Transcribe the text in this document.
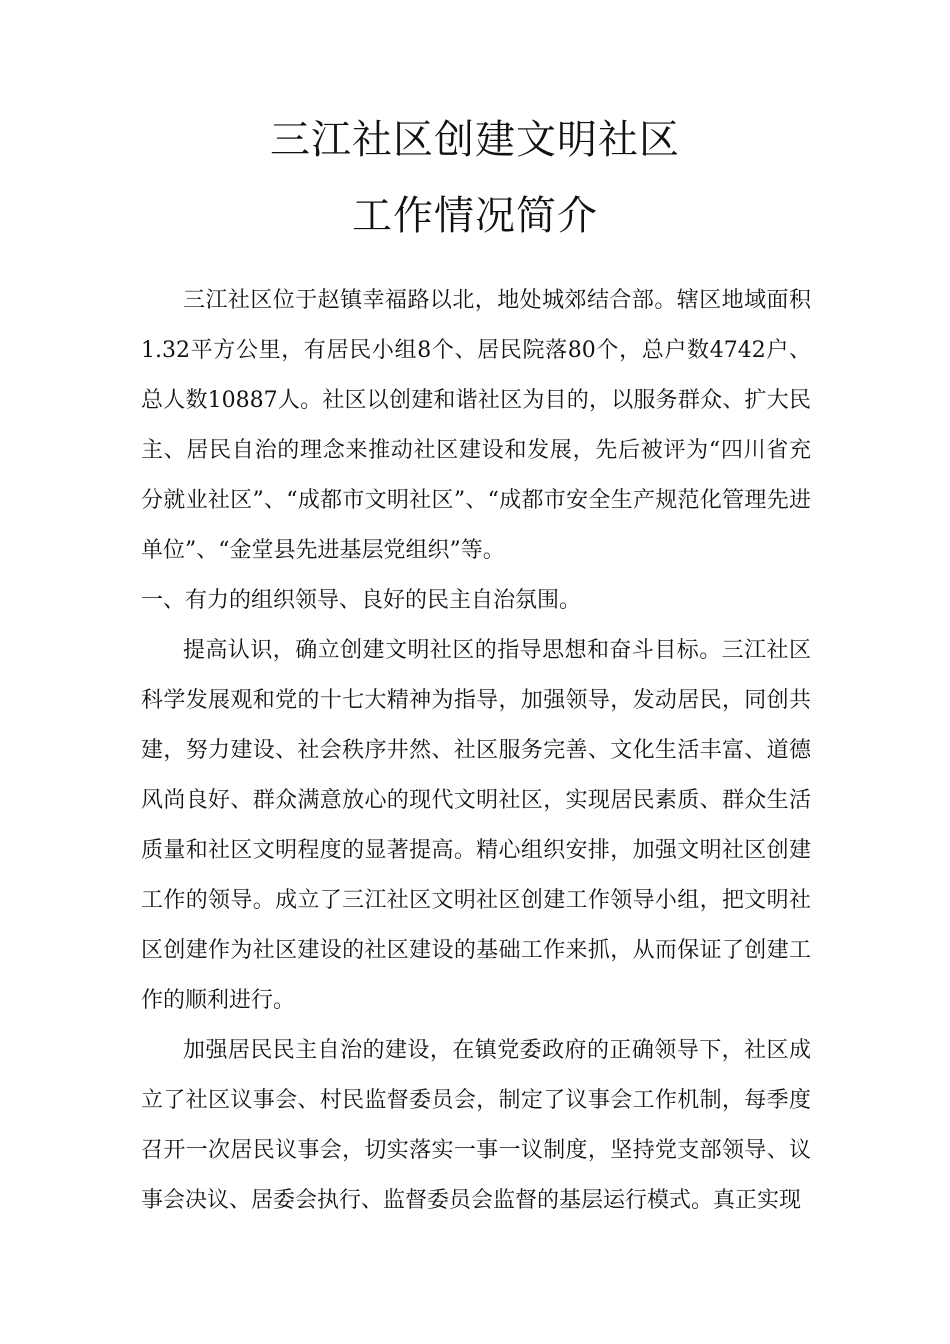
三江社区创建文明社区
工作情况简介

三江社区位于赵镇幸福路以北，地处城郊结合部。辖区地域面积1.32平方公里，有居民小组8个、居民院落80个，总户数4742户、总人数10887人。社区以创建和谐社区为目的，以服务群众、扩大民主、居民自治的理念来推动社区建设和发展，先后被评为“四川省充分就业社区”、“成都市文明社区”、“成都市安全生产规范化管理先进单位”、“金堂县先进基层党组织”等。

一、有力的组织领导、良好的民主自治氛围。

提高认识，确立创建文明社区的指导思想和奋斗目标。三江社区科学发展观和党的十七大精神为指导，加强领导，发动居民，同创共建，努力建设、社会秩序井然、社区服务完善、文化生活丰富、道德风尚良好、群众满意放心的现代文明社区，实现居民素质、群众生活质量和社区文明程度的显著提高。精心组织安排，加强文明社区创建工作的领导。成立了三江社区文明社区创建工作领导小组，把文明社区创建作为社区建设的社区建设的基础工作来抓，从而保证了创建工作的顺利进行。

加强居民民主自治的建设，在镇党委政府的正确领导下，社区成立了社区议事会、村民监督委员会，制定了议事会工作机制，每季度召开一次居民议事会，切实落实一事一议制度，坚持党支部领导、议事会决议、居委会执行、监督委员会监督的基层运行模式。真正实现
